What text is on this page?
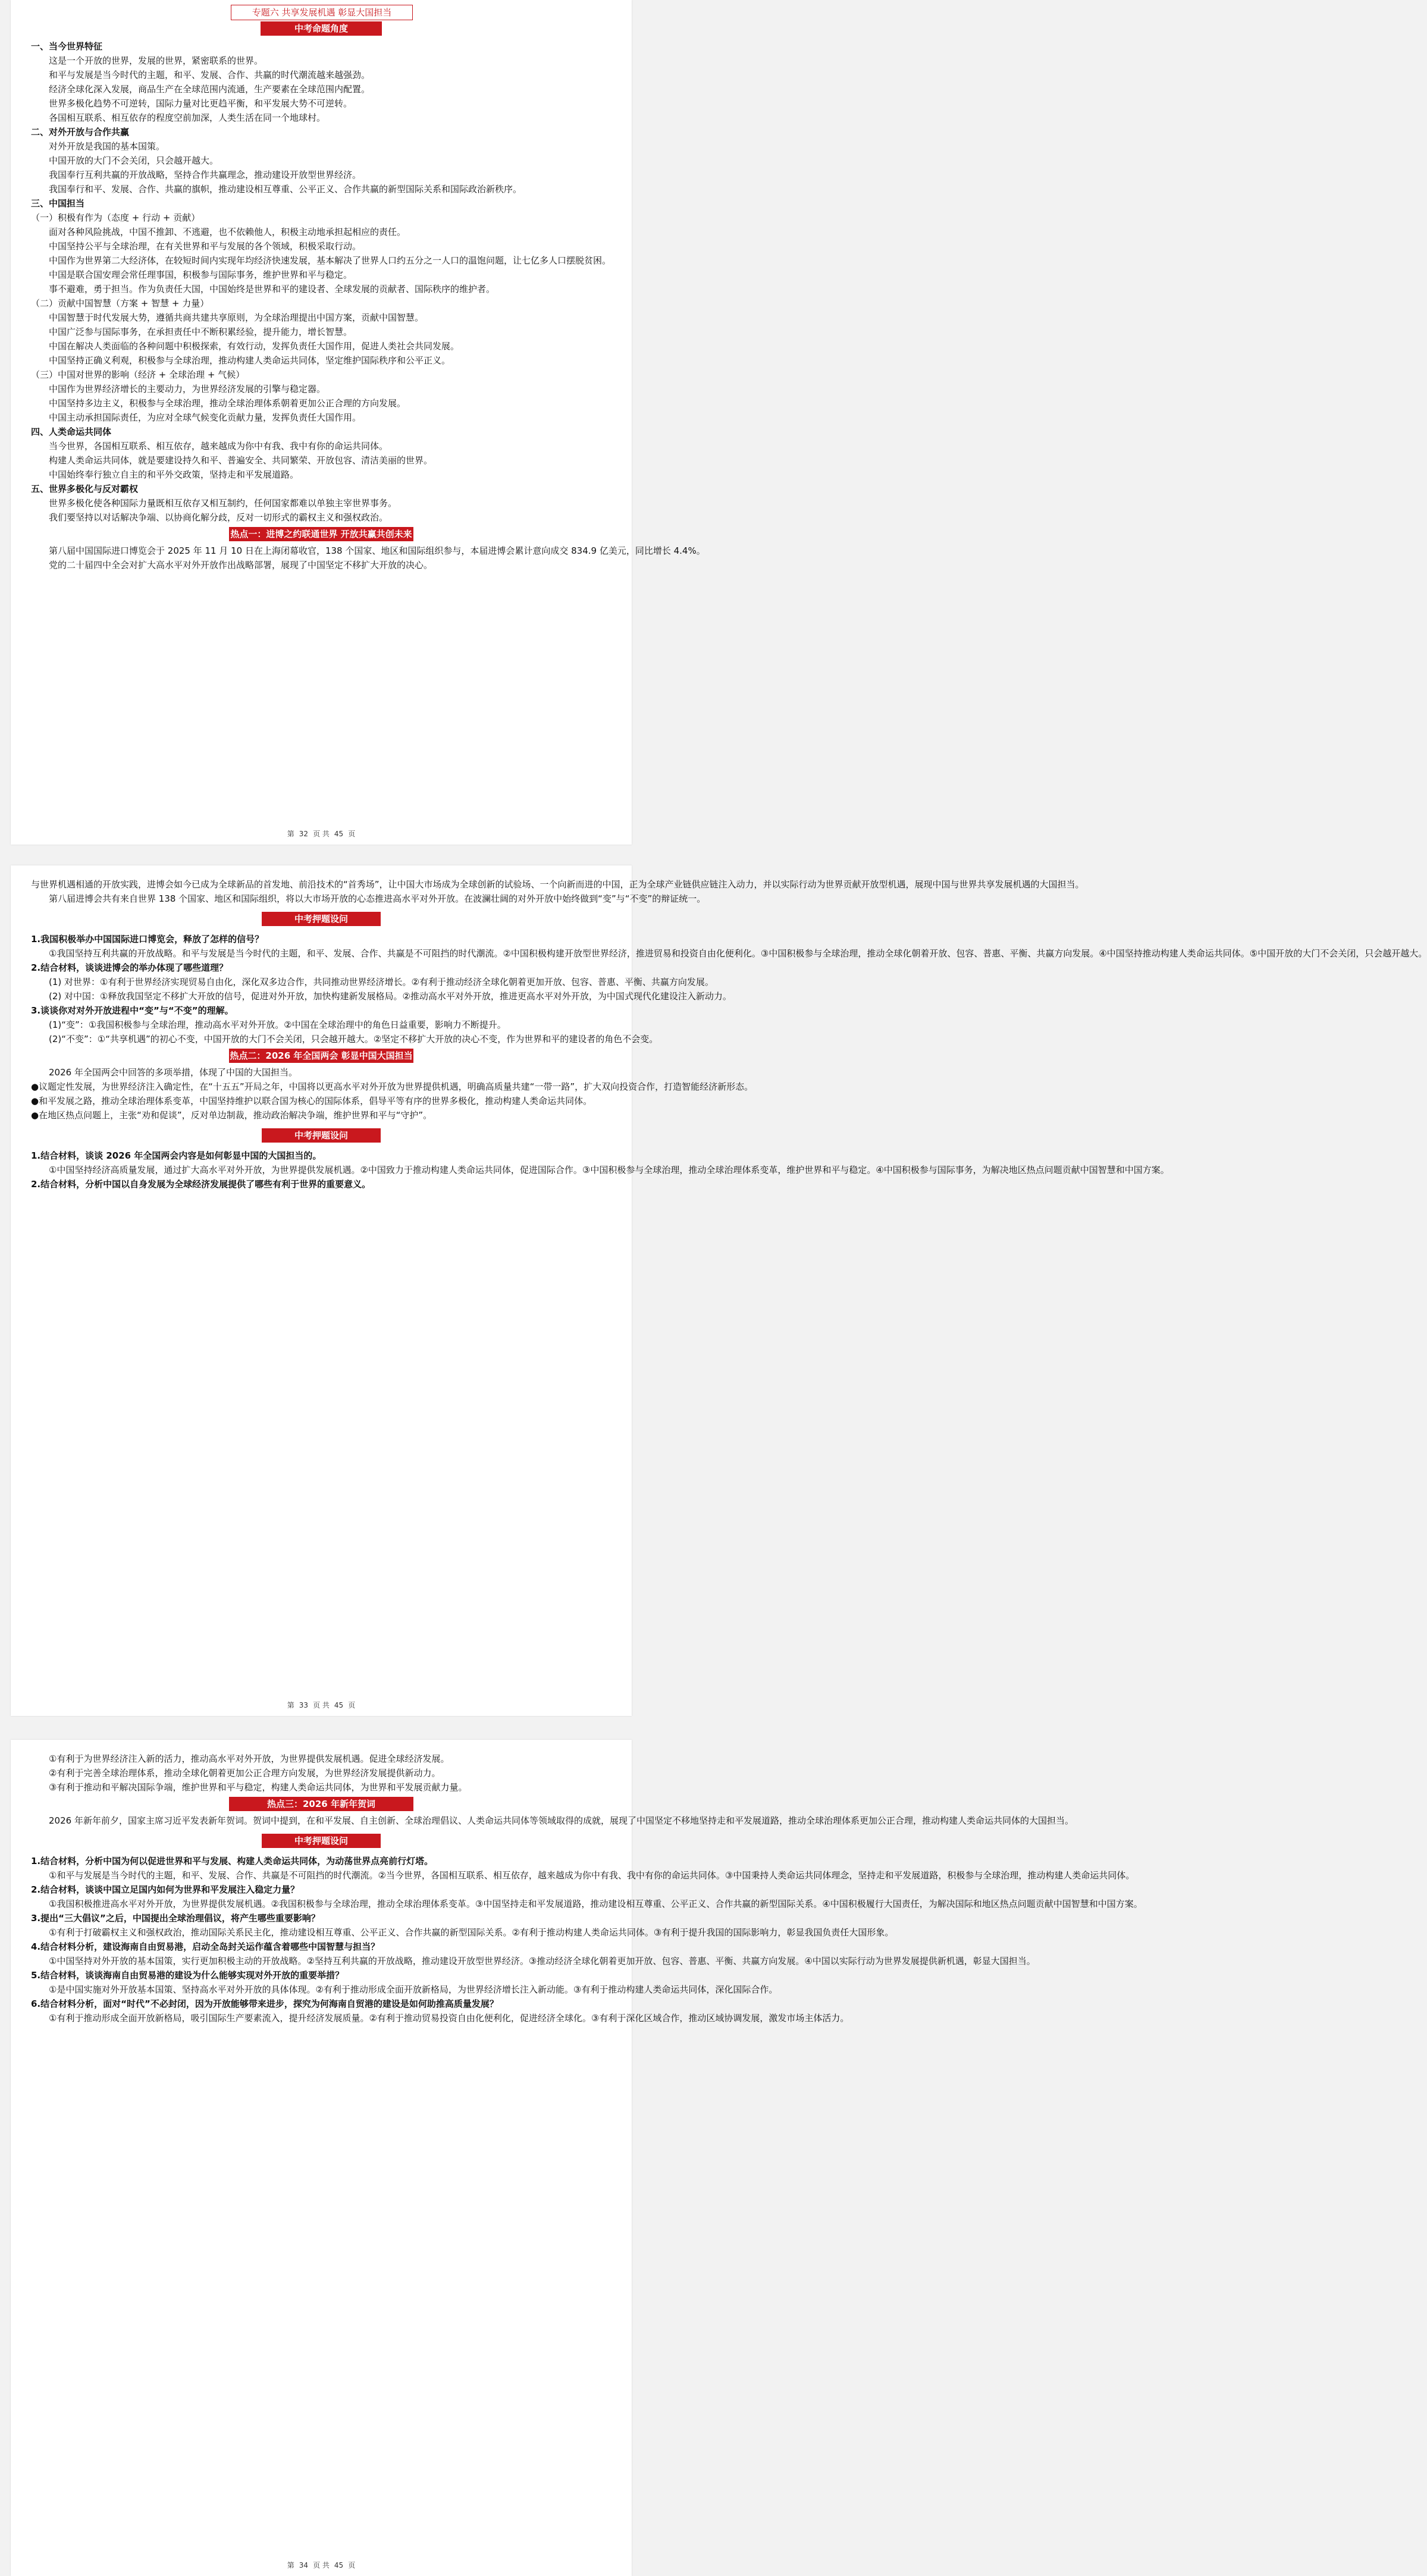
专题六 共享发展机遇 彰显大国担当
中考命题角度

一、当今世界特征

这是一个开放的世界，发展的世界，紧密联系的世界。

和平与发展是当今时代的主题，和平、发展、合作、共赢的时代潮流越来越强劲。

经济全球化深入发展，商品生产在全球范围内流通，生产要素在全球范围内配置。

世界多极化趋势不可逆转，国际力量对比更趋平衡，和平发展大势不可逆转。

各国相互联系、相互依存的程度空前加深，人类生活在同一个地球村。

二、对外开放与合作共赢

对外开放是我国的基本国策。

中国开放的大门不会关闭，只会越开越大。

我国奉行互利共赢的开放战略，坚持合作共赢理念，推动建设开放型世界经济。

我国奉行和平、发展、合作、共赢的旗帜，推动建设相互尊重、公平正义、合作共赢的新型国际关系和国际政治新秩序。

三、中国担当

（一）积极有作为（态度 + 行动 + 贡献）

面对各种风险挑战，中国不推卸、不逃避，也不依赖他人，积极主动地承担起相应的责任。

中国坚持公平与全球治理，在有关世界和平与发展的各个领域，积极采取行动。

中国作为世界第二大经济体，在较短时间内实现年均经济快速发展，基本解决了世界人口约五分之一人口的温饱问题，让七亿多人口摆脱贫困。

中国是联合国安理会常任理事国，积极参与国际事务，维护世界和平与稳定。

事不避难，勇于担当。作为负责任大国，中国始终是世界和平的建设者、全球发展的贡献者、国际秩序的维护者。

（二）贡献中国智慧（方案 + 智慧 + 力量）

中国智慧于时代发展大势，遵循共商共建共享原则，为全球治理提出中国方案，贡献中国智慧。

中国广泛参与国际事务，在承担责任中不断积累经验，提升能力，增长智慧。

中国在解决人类面临的各种问题中积极探索，有效行动，发挥负责任大国作用，促进人类社会共同发展。

中国坚持正确义利观，积极参与全球治理，推动构建人类命运共同体，坚定维护国际秩序和公平正义。

（三）中国对世界的影响（经济 + 全球治理 + 气候）

中国作为世界经济增长的主要动力，为世界经济发展的引擎与稳定器。

中国坚持多边主义，积极参与全球治理，推动全球治理体系朝着更加公正合理的方向发展。

中国主动承担国际责任，为应对全球气候变化贡献力量，发挥负责任大国作用。

四、人类命运共同体

当今世界，各国相互联系、相互依存，越来越成为你中有我、我中有你的命运共同体。

构建人类命运共同体，就是要建设持久和平、普遍安全、共同繁荣、开放包容、清洁美丽的世界。

中国始终奉行独立自主的和平外交政策，坚持走和平发展道路。

五、世界多极化与反对霸权

世界多极化使各种国际力量既相互依存又相互制约，任何国家都难以单独主宰世界事务。

我们要坚持以对话解决争端、以协商化解分歧，反对一切形式的霸权主义和强权政治。

热点一：进博之约联通世界 开放共赢共创未来

第八届中国国际进口博览会于 2025 年 11 月 10 日在上海闭幕收官，138 个国家、地区和国际组织参与，本届进博会累计意向成交 834.9 亿美元，同比增长 4.4%。

党的二十届四中全会对扩大高水平对外开放作出战略部署，展现了中国坚定不移扩大开放的决心。

第 32 页 共 45 页

与世界机遇相通的开放实践，进博会如今已成为全球新品的首发地、前沿技术的“首秀场”，让中国大市场成为全球创新的试验场、一个向新而进的中国，正为全球产业链供应链注入动力，并以实际行动为世界贡献开放型机遇，展现中国与世界共享发展机遇的大国担当。

第八届进博会共有来自世界 138 个国家、地区和国际组织，将以大市场开放的心态推进高水平对外开放。在波澜壮阔的对外开放中始终做到“变”与“不变”的辩证统一。

中考押题设问

1.我国积极举办中国国际进口博览会，释放了怎样的信号？

①我国坚持互利共赢的开放战略。和平与发展是当今时代的主题，和平、发展、合作、共赢是不可阻挡的时代潮流。②中国积极构建开放型世界经济，推进贸易和投资自由化便利化。③中国积极参与全球治理，推动全球化朝着开放、包容、普惠、平衡、共赢方向发展。④中国坚持推动构建人类命运共同体。⑤中国开放的大门不会关闭，只会越开越大。

2.结合材料，谈谈进博会的举办体现了哪些道理？

(1) 对世界：①有利于世界经济实现贸易自由化，深化双多边合作，共同推动世界经济增长。②有利于推动经济全球化朝着更加开放、包容、普惠、平衡、共赢方向发展。

(2) 对中国：①释放我国坚定不移扩大开放的信号，促进对外开放，加快构建新发展格局。②推动高水平对外开放，推进更高水平对外开放，为中国式现代化建设注入新动力。

3.谈谈你对对外开放进程中“变”与“不变”的理解。

(1)“变”：①我国积极参与全球治理，推动高水平对外开放。②中国在全球治理中的角色日益重要，影响力不断提升。

(2)“不变”：①“共享机遇”的初心不变，中国开放的大门不会关闭，只会越开越大。②坚定不移扩大开放的决心不变，作为世界和平的建设者的角色不会变。

热点二：2026 年全国两会 彰显中国大国担当

2026 年全国两会中回答的多项举措，体现了中国的大国担当。

●议题定性发展，为世界经济注入确定性，在“十五五”开局之年，中国将以更高水平对外开放为世界提供机遇，明确高质量共建“一带一路”，扩大双向投资合作，打造智能经济新形态。

●和平发展之路，推动全球治理体系变革，中国坚持维护以联合国为核心的国际体系，倡导平等有序的世界多极化，推动构建人类命运共同体。

●在地区热点问题上，主张“劝和促谈”，反对单边制裁，推动政治解决争端，维护世界和平与“守护”。

中考押题设问

1.结合材料，谈谈 2026 年全国两会内容是如何彰显中国的大国担当的。

①中国坚持经济高质量发展，通过扩大高水平对外开放，为世界提供发展机遇。②中国致力于推动构建人类命运共同体，促进国际合作。③中国积极参与全球治理，推动全球治理体系变革，维护世界和平与稳定。④中国积极参与国际事务，为解决地区热点问题贡献中国智慧和中国方案。

2.结合材料，分析中国以自身发展为全球经济发展提供了哪些有利于世界的重要意义。

第 33 页 共 45 页

①有利于为世界经济注入新的活力，推动高水平对外开放，为世界提供发展机遇。促进全球经济发展。

②有利于完善全球治理体系，推动全球化朝着更加公正合理方向发展，为世界经济发展提供新动力。

③有利于推动和平解决国际争端，维护世界和平与稳定，构建人类命运共同体，为世界和平发展贡献力量。

热点三：2026 年新年贺词

2026 年新年前夕，国家主席习近平发表新年贺词。贺词中提到，在和平发展、自主创新、全球治理倡议、人类命运共同体等领域取得的成就，展现了中国坚定不移地坚持走和平发展道路，推动全球治理体系更加公正合理，推动构建人类命运共同体的大国担当。

中考押题设问

1.结合材料，分析中国为何以促进世界和平与发展、构建人类命运共同体，为动荡世界点亮前行灯塔。

①和平与发展是当今时代的主题，和平、发展、合作、共赢是不可阻挡的时代潮流。②当今世界，各国相互联系、相互依存，越来越成为你中有我、我中有你的命运共同体。③中国秉持人类命运共同体理念，坚持走和平发展道路，积极参与全球治理，推动构建人类命运共同体。

2.结合材料，谈谈中国立足国内如何为世界和平发展注入稳定力量？

①我国积极推进高水平对外开放，为世界提供发展机遇。②我国积极参与全球治理，推动全球治理体系变革。③中国坚持走和平发展道路，推动建设相互尊重、公平正义、合作共赢的新型国际关系。④中国积极履行大国责任，为解决国际和地区热点问题贡献中国智慧和中国方案。

3.提出“三大倡议”之后，中国提出全球治理倡议，将产生哪些重要影响？

①有利于打破霸权主义和强权政治，推动国际关系民主化，推动建设相互尊重、公平正义、合作共赢的新型国际关系。②有利于推动构建人类命运共同体。③有利于提升我国的国际影响力，彰显我国负责任大国形象。

4.结合材料分析，建设海南自由贸易港，启动全岛封关运作蕴含着哪些中国智慧与担当？

①中国坚持对外开放的基本国策，实行更加积极主动的开放战略。②坚持互利共赢的开放战略，推动建设开放型世界经济。③推动经济全球化朝着更加开放、包容、普惠、平衡、共赢方向发展。④中国以实际行动为世界发展提供新机遇，彰显大国担当。

5.结合材料，谈谈海南自由贸易港的建设为什么能够实现对外开放的重要举措？

①是中国实施对外开放基本国策、坚持高水平对外开放的具体体现。②有利于推动形成全面开放新格局，为世界经济增长注入新动能。③有利于推动构建人类命运共同体，深化国际合作。

6.结合材料分析，面对“时代”不必封闭，因为开放能够带来进步，探究为何海南自贸港的建设是如何助推高质量发展？

①有利于推动形成全面开放新格局，吸引国际生产要素流入，提升经济发展质量。②有利于推动贸易投资自由化便利化，促进经济全球化。③有利于深化区域合作，推动区域协调发展，激发市场主体活力。

第 34 页 共 45 页
